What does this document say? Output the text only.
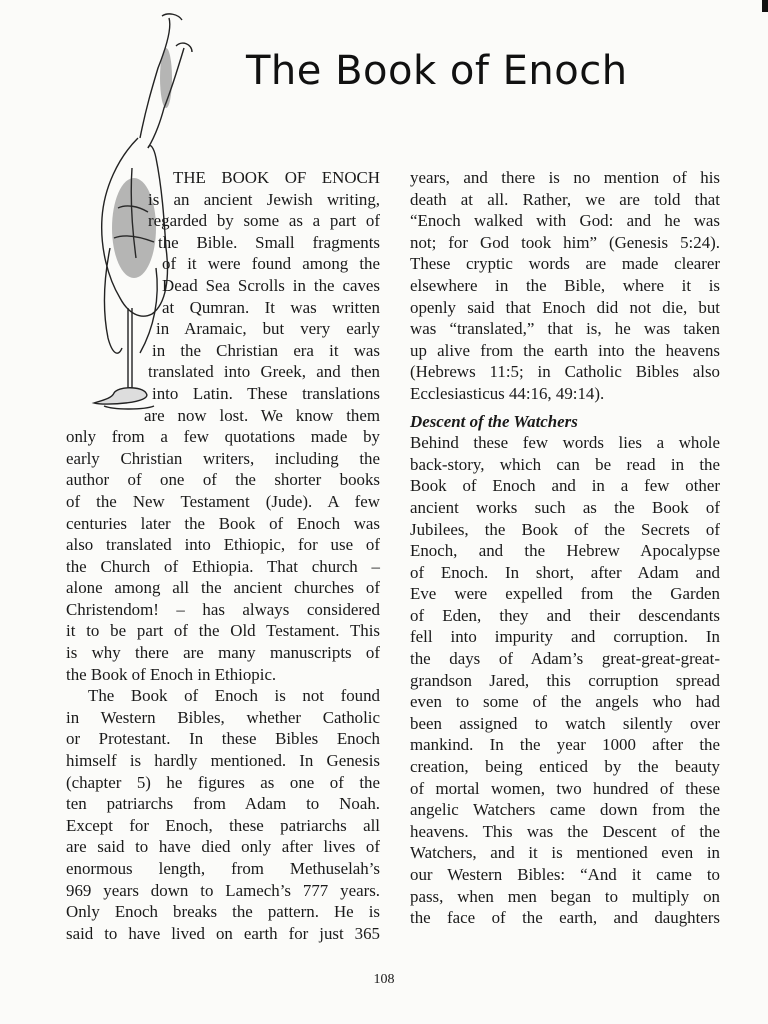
The Book of Enoch
THE BOOK OF ENOCH
is an ancient Jewish writing,
regarded by some as a part of
the Bible. Small fragments
of it were found among the
Dead Sea Scrolls in the caves
at Qumran. It was written
in Aramaic, but very early
in the Christian era it was
translated into Greek, and then
into Latin. These translations
are now lost. We know them
only from a few quotations made by
early Christian writers, including the
author of one of the shorter books
of the New Testament (Jude). A few
centuries later the Book of Enoch was
also translated into Ethiopic, for use of
the Church of Ethiopia. That church –
alone among all the ancient churches of
Christendom! – has always considered
it to be part of the Old Testament. This
is why there are many manuscripts of
the Book of Enoch in Ethiopic.
The Book of Enoch is not found
in Western Bibles, whether Catholic
or Protestant. In these Bibles Enoch
himself is hardly mentioned. In Genesis
(chapter 5) he figures as one of the
ten patriarchs from Adam to Noah.
Except for Enoch, these patriarchs all
are said to have died only after lives of
enormous length, from Methuselah’s
969 years down to Lamech’s 777 years.
Only Enoch breaks the pattern. He is
said to have lived on earth for just 365
years, and there is no mention of his
death at all. Rather, we are told that
“Enoch walked with God: and he was
not; for God took him” (Genesis 5:24).
These cryptic words are made clearer
elsewhere in the Bible, where it is
openly said that Enoch did not die, but
was “translated,” that is, he was taken
up alive from the earth into the heavens
(Hebrews 11:5; in Catholic Bibles also
Ecclesiasticus 44:16, 49:14).
Descent of the Watchers
Behind these few words lies a whole
back-story, which can be read in the
Book of Enoch and in a few other
ancient works such as the Book of
Jubilees, the Book of the Secrets of
Enoch, and the Hebrew Apocalypse
of Enoch. In short, after Adam and
Eve were expelled from the Garden
of Eden, they and their descendants
fell into impurity and corruption. In
the days of Adam’s great-great-great-
grandson Jared, this corruption spread
even to some of the angels who had
been assigned to watch silently over
mankind. In the year 1000 after the
creation, being enticed by the beauty
of mortal women, two hundred of these
angelic Watchers came down from the
heavens. This was the Descent of the
Watchers, and it is mentioned even in
our Western Bibles: “And it came to
pass, when men began to multiply on
the face of the earth, and daughters
108
